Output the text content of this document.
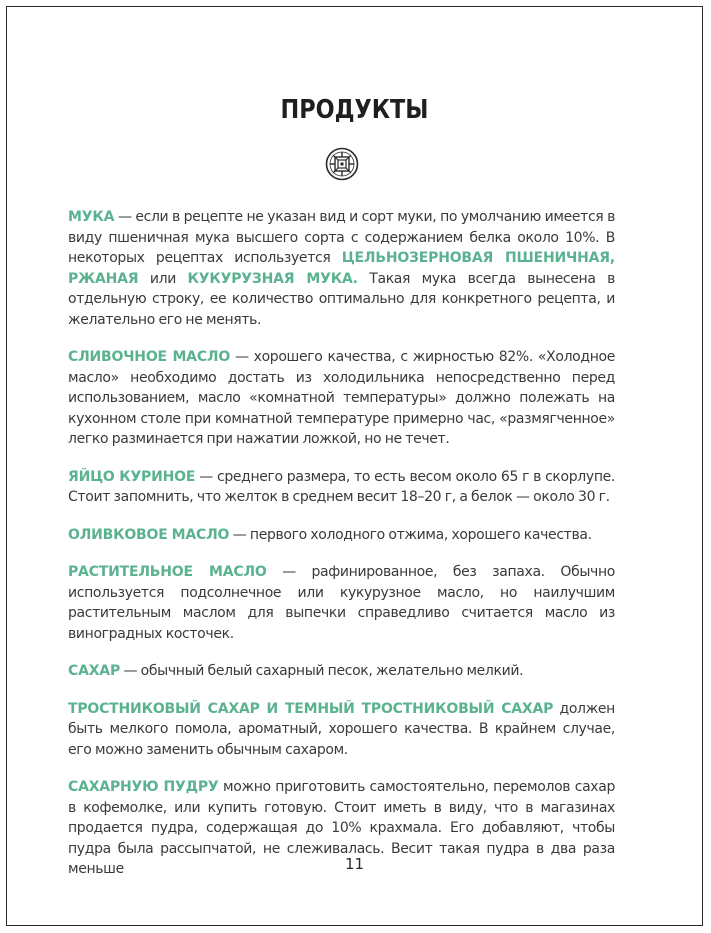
ПРОДУКТЫ

МУКА — если в рецепте не указан вид и сорт муки, по умолчанию имеется в виду пшеничная мука высшего сорта с содержанием белка около 10%. В некоторых рецептах используется ЦЕЛЬНОЗЕРНОВАЯ ПШЕНИЧНАЯ, РЖАНАЯ или КУКУРУЗНАЯ МУКА. Такая мука всегда вынесена в отдельную строку, ее количество оптимально для конкретного рецепта, и желательно его не менять.

СЛИВОЧНОЕ МАСЛО — хорошего качества, с жирностью 82%. «Холодное масло» необходимо достать из холодильника непосредственно перед использованием, масло «комнатной температуры» должно полежать на кухонном столе при комнатной температуре примерно час, «размягченное» легко разминается при нажатии ложкой, но не течет.

ЯЙЦО КУРИНОЕ — среднего размера, то есть весом около 65 г в скорлупе. Стоит запомнить, что желток в среднем весит 18–20 г, а белок — около 30 г.

ОЛИВКОВОЕ МАСЛО — первого холодного отжима, хорошего качества.

РАСТИТЕЛЬНОЕ МАСЛО — рафинированное, без запаха. Обычно используется подсолнечное или кукурузное масло, но наилучшим растительным маслом для выпечки справедливо считается масло из виноградных косточек.

САХАР — обычный белый сахарный песок, желательно мелкий.

ТРОСТНИКОВЫЙ САХАР И ТЕМНЫЙ ТРОСТНИКОВЫЙ САХАР должен быть мелкого помола, ароматный, хорошего качества. В крайнем случае, его можно заменить обычным сахаром.

САХАРНУЮ ПУДРУ можно приготовить самостоятельно, перемолов сахар в кофемолке, или купить готовую. Стоит иметь в виду, что в магазинах продается пудра, содержащая до 10% крахмала. Его добавляют, чтобы пудра была рассыпчатой, не слеживалась. Весит такая пудра в два раза меньше	11
